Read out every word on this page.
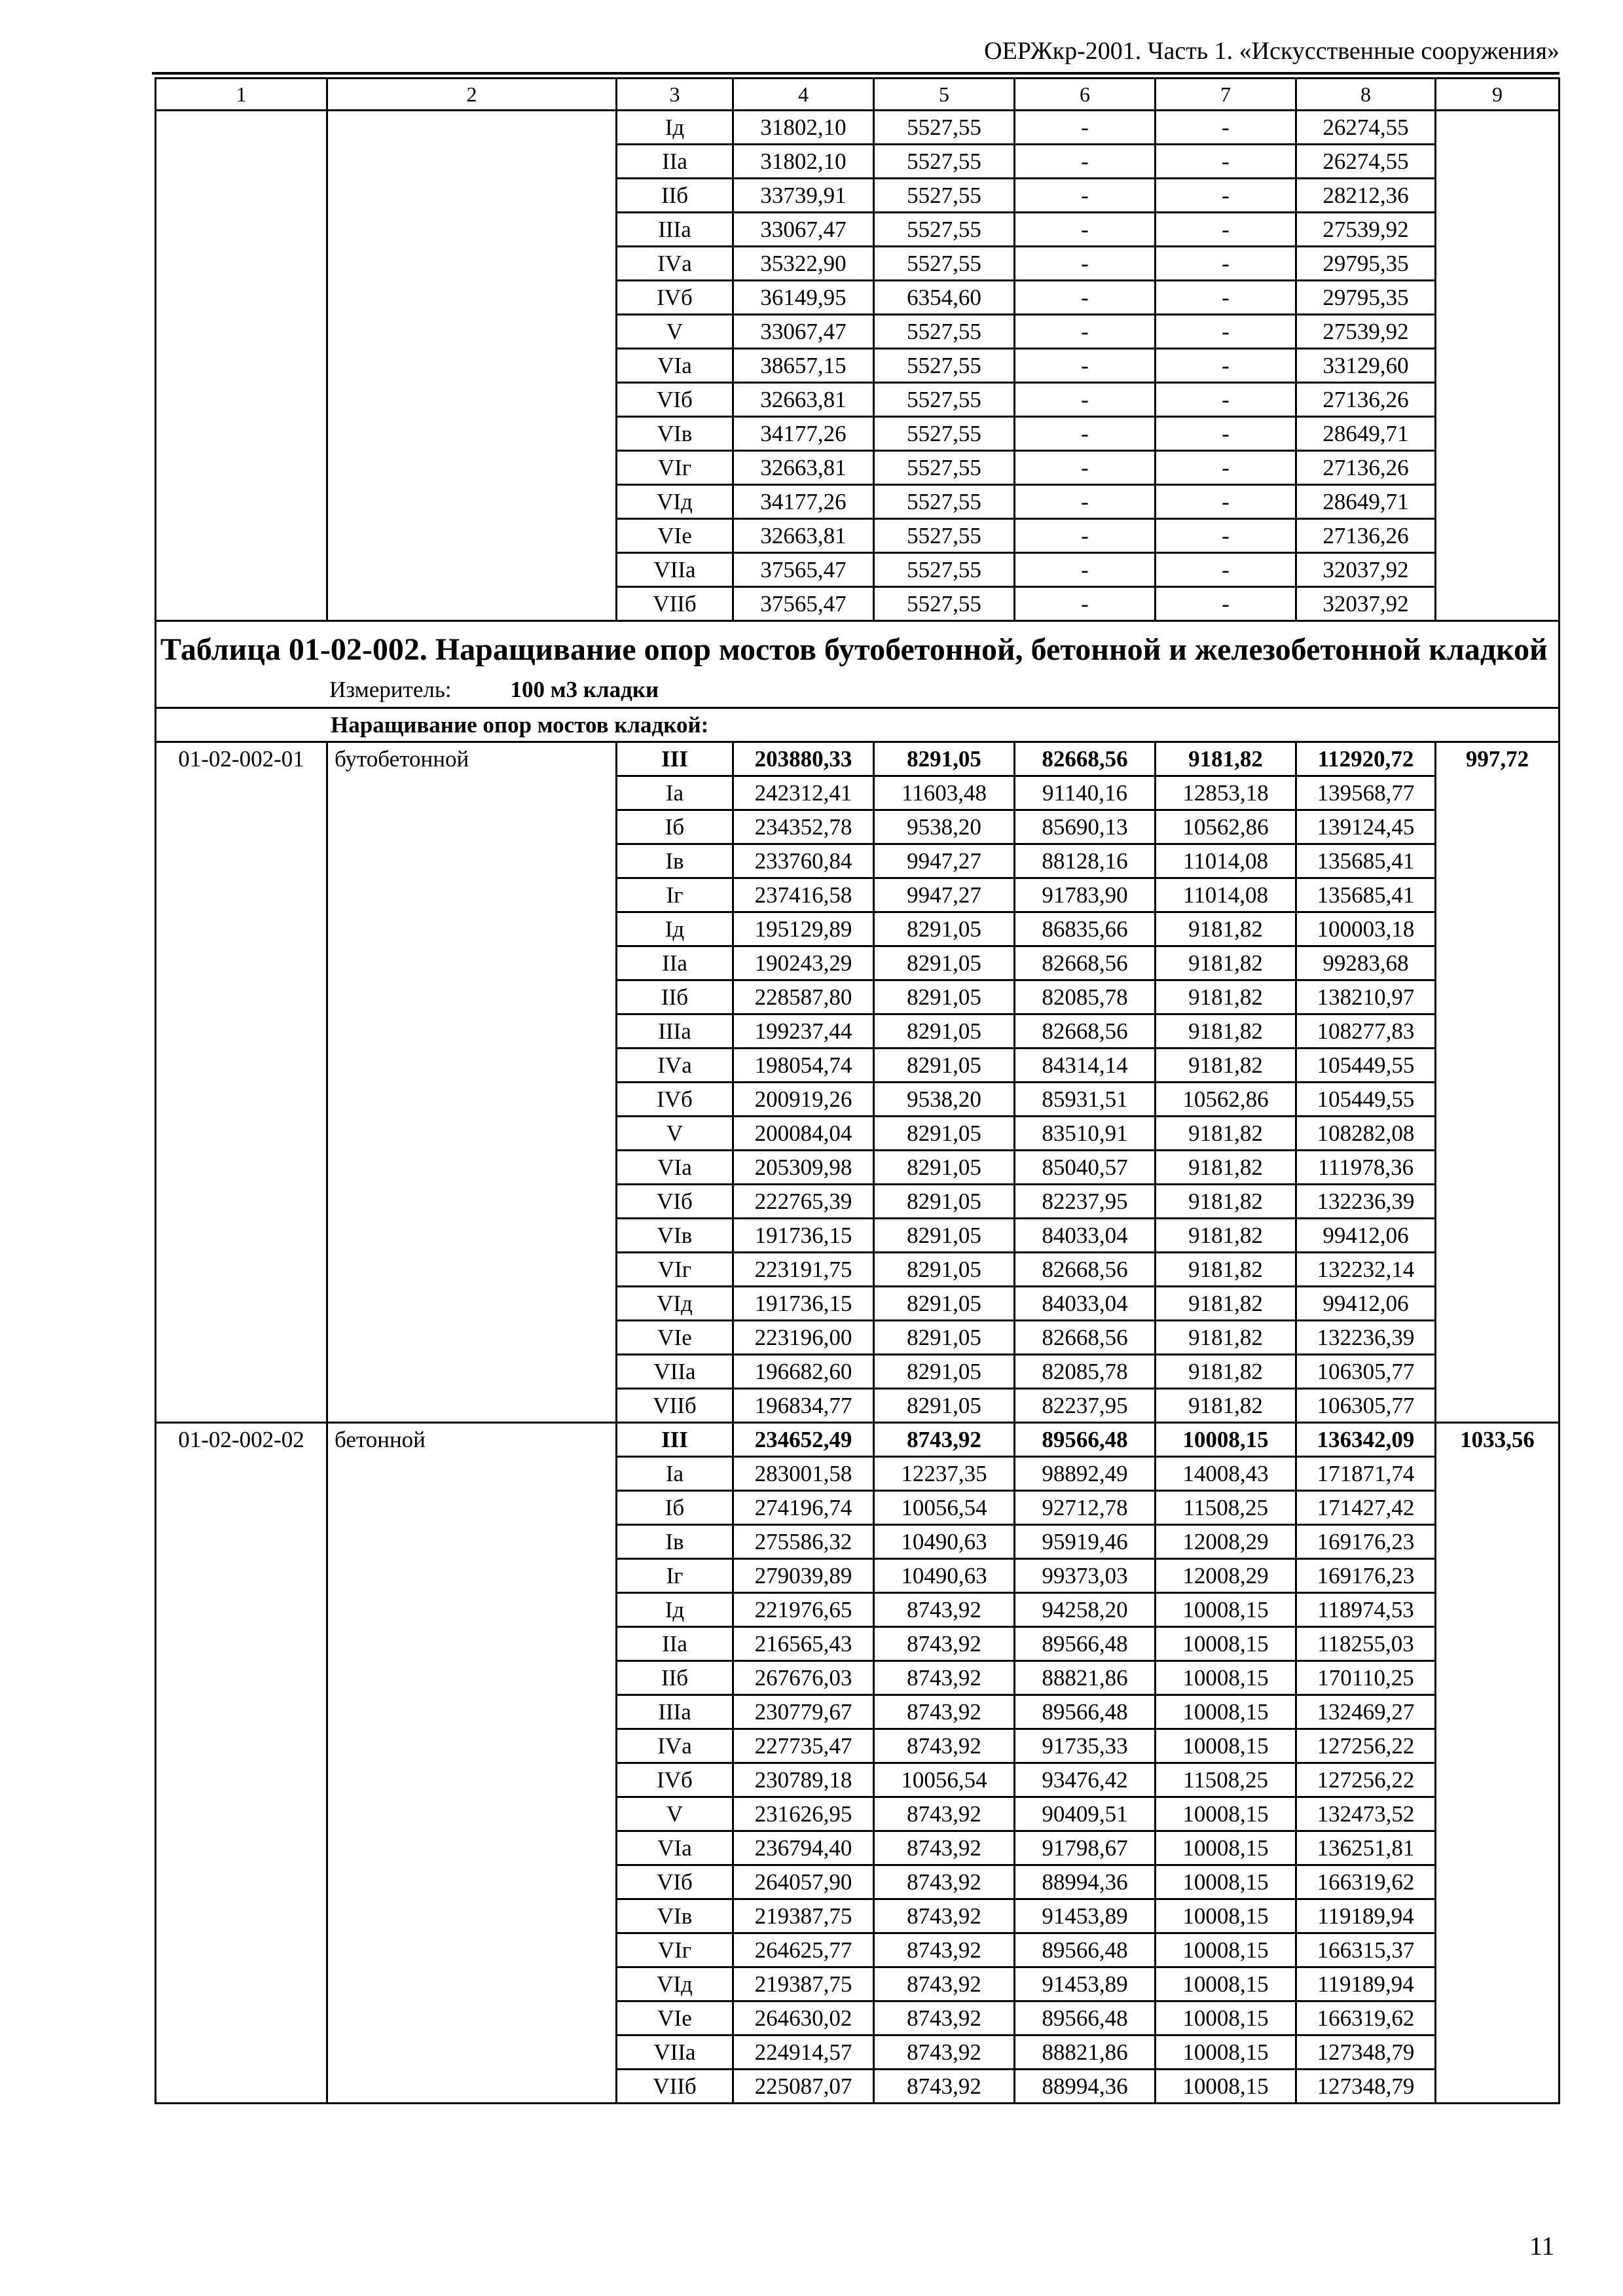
ОЕРЖкр-2001. Часть 1. «Искусственные сооружения»
1	2	3	4	5	6	7	8	9
		Iд	31802,10	5527,55	-	-	26274,55	
		IIа	31802,10	5527,55	-	-	26274,55	
		IIб	33739,91	5527,55	-	-	28212,36	
		IIIа	33067,47	5527,55	-	-	27539,92	
		IVа	35322,90	5527,55	-	-	29795,35	
		IVб	36149,95	6354,60	-	-	29795,35	
		V	33067,47	5527,55	-	-	27539,92	
		VIа	38657,15	5527,55	-	-	33129,60	
		VIб	32663,81	5527,55	-	-	27136,26	
		VIв	34177,26	5527,55	-	-	28649,71	
		VIг	32663,81	5527,55	-	-	27136,26	
		VIд	34177,26	5527,55	-	-	28649,71	
		VIе	32663,81	5527,55	-	-	27136,26	
		VIIа	37565,47	5527,55	-	-	32037,92	
		VIIб	37565,47	5527,55	-	-	32037,92	

Таблица 01-02-002. Наращивание опор мостов бутобетонной, бетонной и железобетонной кладкой
Измеритель: 100 м3 кладки								

Наращивание опор мостов кладкой:								
01-02-002-01	бутобетонной	III	203880,33	8291,05	82668,56	9181,82	112920,72	997,72
		Iа	242312,41	11603,48	91140,16	12853,18	139568,77	
		Iб	234352,78	9538,20	85690,13	10562,86	139124,45	
		Iв	233760,84	9947,27	88128,16	11014,08	135685,41	
		Iг	237416,58	9947,27	91783,90	11014,08	135685,41	
		Iд	195129,89	8291,05	86835,66	9181,82	100003,18	
		IIа	190243,29	8291,05	82668,56	9181,82	99283,68	
		IIб	228587,80	8291,05	82085,78	9181,82	138210,97	
		IIIа	199237,44	8291,05	82668,56	9181,82	108277,83	
		IVа	198054,74	8291,05	84314,14	9181,82	105449,55	
		IVб	200919,26	9538,20	85931,51	10562,86	105449,55	
		V	200084,04	8291,05	83510,91	9181,82	108282,08	
		VIа	205309,98	8291,05	85040,57	9181,82	111978,36	
		VIб	222765,39	8291,05	82237,95	9181,82	132236,39	
		VIв	191736,15	8291,05	84033,04	9181,82	99412,06	
		VIг	223191,75	8291,05	82668,56	9181,82	132232,14	
		VIд	191736,15	8291,05	84033,04	9181,82	99412,06	
		VIе	223196,00	8291,05	82668,56	9181,82	132236,39	
		VIIа	196682,60	8291,05	82085,78	9181,82	106305,77	
		VIIб	196834,77	8291,05	82237,95	9181,82	106305,77	
01-02-002-02	бетонной	III	234652,49	8743,92	89566,48	10008,15	136342,09	1033,56
		Iа	283001,58	12237,35	98892,49	14008,43	171871,74	
		Iб	274196,74	10056,54	92712,78	11508,25	171427,42	
		Iв	275586,32	10490,63	95919,46	12008,29	169176,23	
		Iг	279039,89	10490,63	99373,03	12008,29	169176,23	
		Iд	221976,65	8743,92	94258,20	10008,15	118974,53	
		IIа	216565,43	8743,92	89566,48	10008,15	118255,03	
		IIб	267676,03	8743,92	88821,86	10008,15	170110,25	
		IIIа	230779,67	8743,92	89566,48	10008,15	132469,27	
		IVа	227735,47	8743,92	91735,33	10008,15	127256,22	
		IVб	230789,18	10056,54	93476,42	11508,25	127256,22	
		V	231626,95	8743,92	90409,51	10008,15	132473,52	
		VIа	236794,40	8743,92	91798,67	10008,15	136251,81	
		VIб	264057,90	8743,92	88994,36	10008,15	166319,62	
		VIв	219387,75	8743,92	91453,89	10008,15	119189,94	
		VIг	264625,77	8743,92	89566,48	10008,15	166315,37	
		VIд	219387,75	8743,92	91453,89	10008,15	119189,94	
		VIе	264630,02	8743,92	89566,48	10008,15	166319,62	
		VIIа	224914,57	8743,92	88821,86	10008,15	127348,79	
		VIIб	225087,07	8743,92	88994,36	10008,15	127348,79	
11
